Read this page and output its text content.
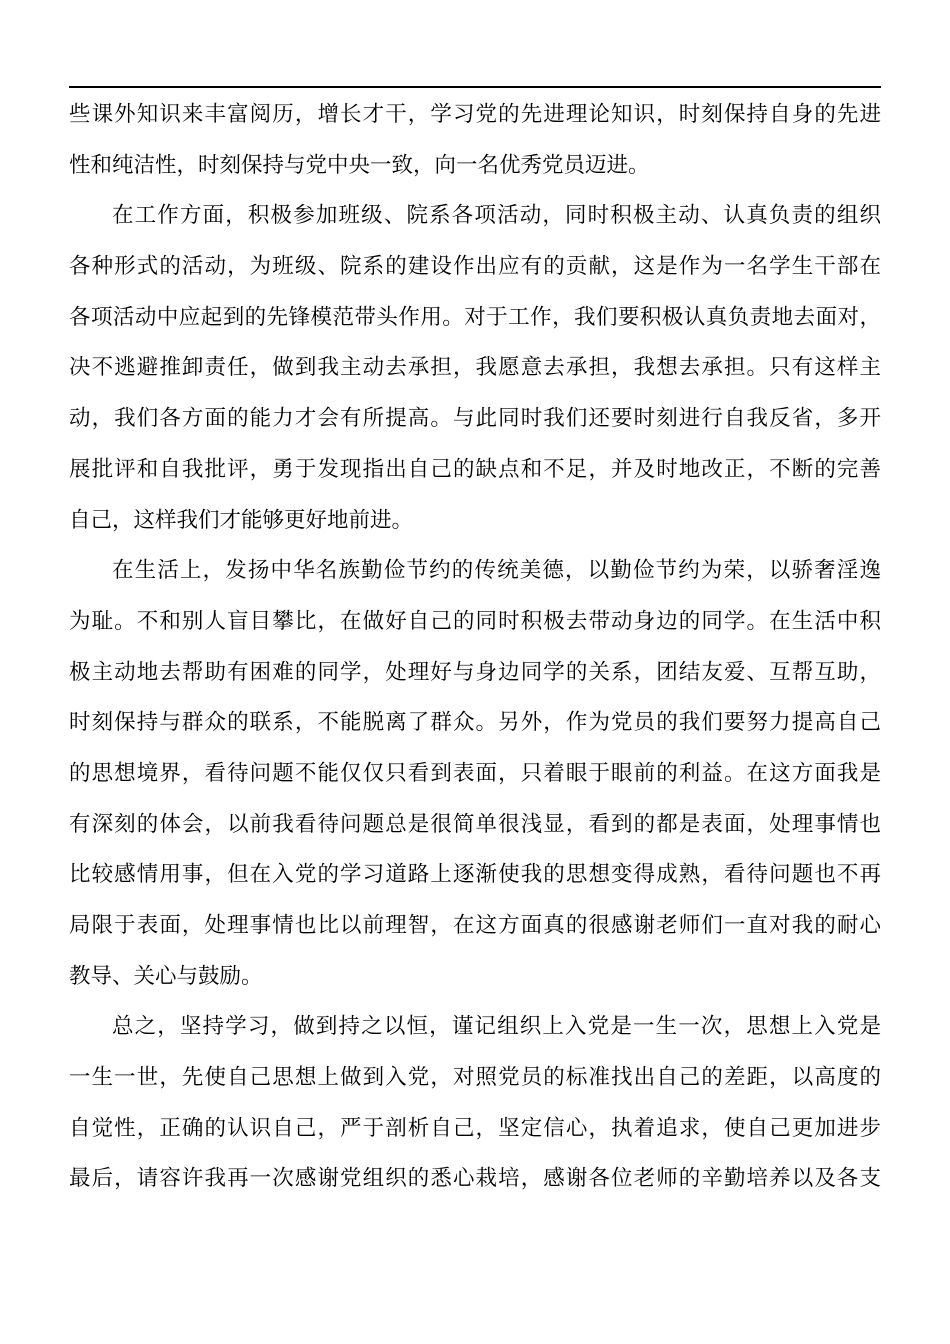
些课外知识来丰富阅历，增长才干，学习党的先进理论知识，时刻保持自身的先进
性和纯洁性，时刻保持与党中央一致，向一名优秀党员迈进。
在工作方面，积极参加班级、院系各项活动，同时积极主动、认真负责的组织
各种形式的活动，为班级、院系的建设作出应有的贡献，这是作为一名学生干部在
各项活动中应起到的先锋模范带头作用。对于工作，我们要积极认真负责地去面对，
决不逃避推卸责任，做到我主动去承担，我愿意去承担，我想去承担。只有这样主
动，我们各方面的能力才会有所提高。与此同时我们还要时刻进行自我反省，多开
展批评和自我批评，勇于发现指出自己的缺点和不足，并及时地改正，不断的完善
自己，这样我们才能够更好地前进。
在生活上，发扬中华名族勤俭节约的传统美德，以勤俭节约为荣，以骄奢淫逸
为耻。不和别人盲目攀比，在做好自己的同时积极去带动身边的同学。在生活中积
极主动地去帮助有困难的同学，处理好与身边同学的关系，团结友爱、互帮互助，
时刻保持与群众的联系，不能脱离了群众。另外，作为党员的我们要努力提高自己
的思想境界，看待问题不能仅仅只看到表面，只着眼于眼前的利益。在这方面我是
有深刻的体会，以前我看待问题总是很简单很浅显，看到的都是表面，处理事情也
比较感情用事，但在入党的学习道路上逐渐使我的思想变得成熟，看待问题也不再
局限于表面，处理事情也比以前理智，在这方面真的很感谢老师们一直对我的耐心
教导、关心与鼓励。
总之，坚持学习，做到持之以恒，谨记组织上入党是一生一次，思想上入党是
一生一世，先使自己思想上做到入党，对照党员的标准找出自己的差距，以高度的
自觉性，正确的认识自己，严于剖析自己，坚定信心，执着追求，使自己更加进步
最后，请容许我再一次感谢党组织的悉心栽培，感谢各位老师的辛勤培养以及各支
